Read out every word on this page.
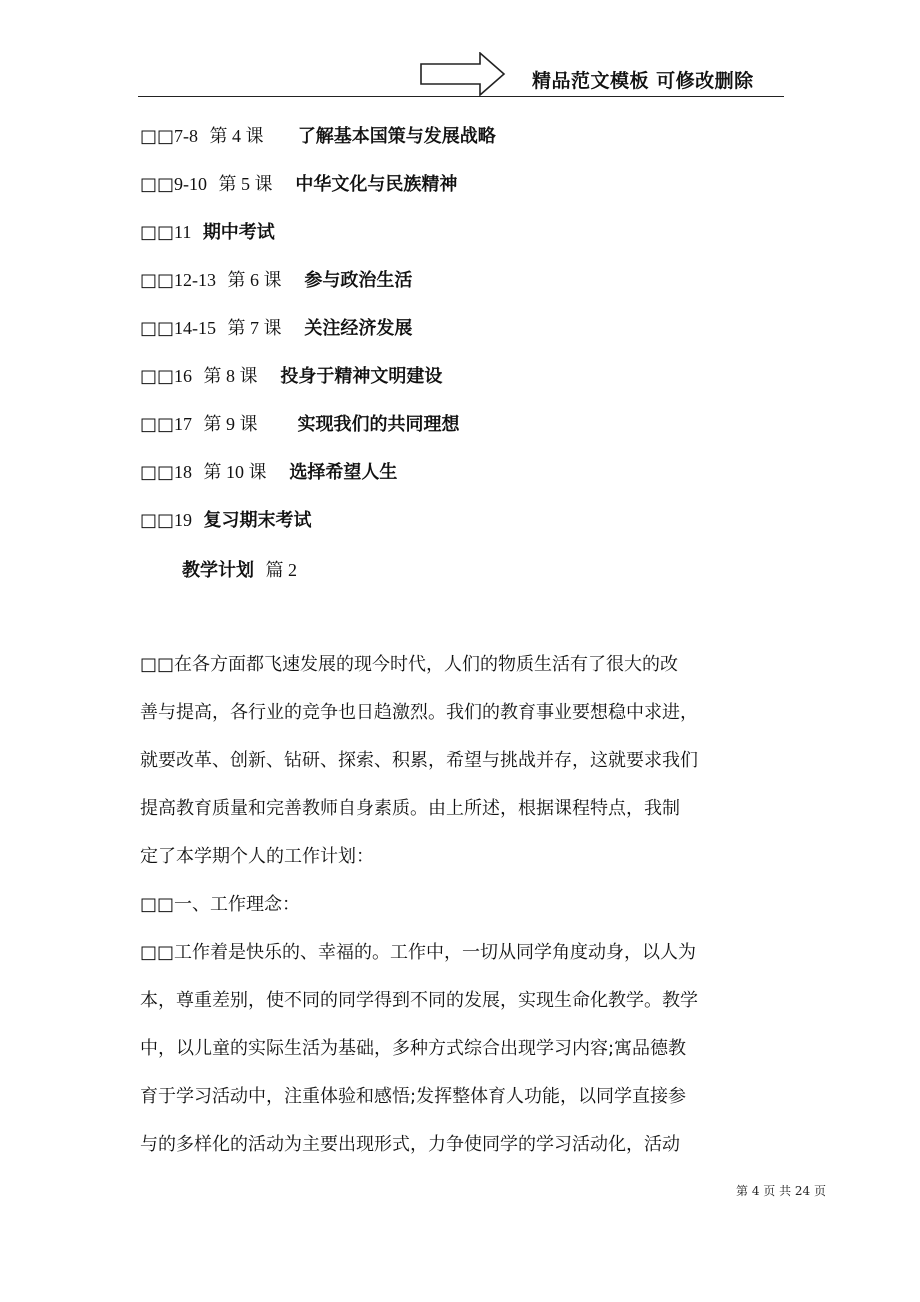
精品范文模板 可修改删除
□□7-8 第 4 课 了解基本国策与发展战略
□□9-10 第 5 课 中华文化与民族精神
□□11 期中考试
□□12-13 第 6 课 参与政治生活
□□14-15 第 7 课 关注经济发展
□□16 第 8 课 投身于精神文明建设
□□17 第 9 课 实现我们的共同理想
□□18 第 10 课 选择希望人生
□□19 复习期末考试
教学计划 篇 2
□□在各方面都飞速发展的现今时代，人们的物质生活有了很大的改
善与提高，各行业的竞争也日趋激烈。我们的教育事业要想稳中求进，
就要改革、创新、钻研、探索、积累，希望与挑战并存，这就要求我们
提高教育质量和完善教师自身素质。由上所述，根据课程特点，我制
定了本学期个人的工作计划：
□□一、工作理念：
□□工作着是快乐的、幸福的。工作中，一切从同学角度动身，以人为
本，尊重差别，使不同的同学得到不同的发展，实现生命化教学。教学
中，以儿童的实际生活为基础，多种方式综合出现学习内容;寓品德教
育于学习活动中，注重体验和感悟;发挥整体育人功能，以同学直接参
与的多样化的活动为主要出现形式，力争使同学的学习活动化，活动
第 4 页 共 24 页
